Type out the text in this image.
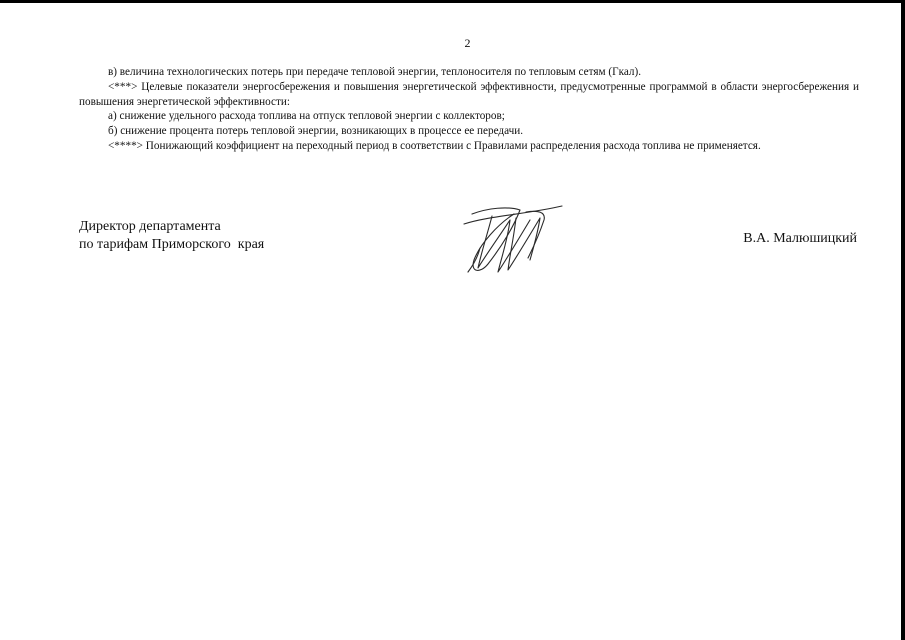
2

в) величина технологических потерь при передаче тепловой энергии, теплоносителя по тепловым сетям (Гкал).

<***> Целевые показатели энергосбережения и повышения энергетической эффективности, предусмотренные программой в области энергосбережения и повышения энергетической эффективности:

а) снижение удельного расхода топлива на отпуск тепловой энергии с коллекторов;

б) снижение процента потерь тепловой энергии, возникающих в процессе ее передачи.

<****> Понижающий коэффициент на переходный период в соответствии с Правилами распределения расхода топлива не применяется.

Директор департамента
по тарифам Приморского  края	В.А. Малюшицкий
